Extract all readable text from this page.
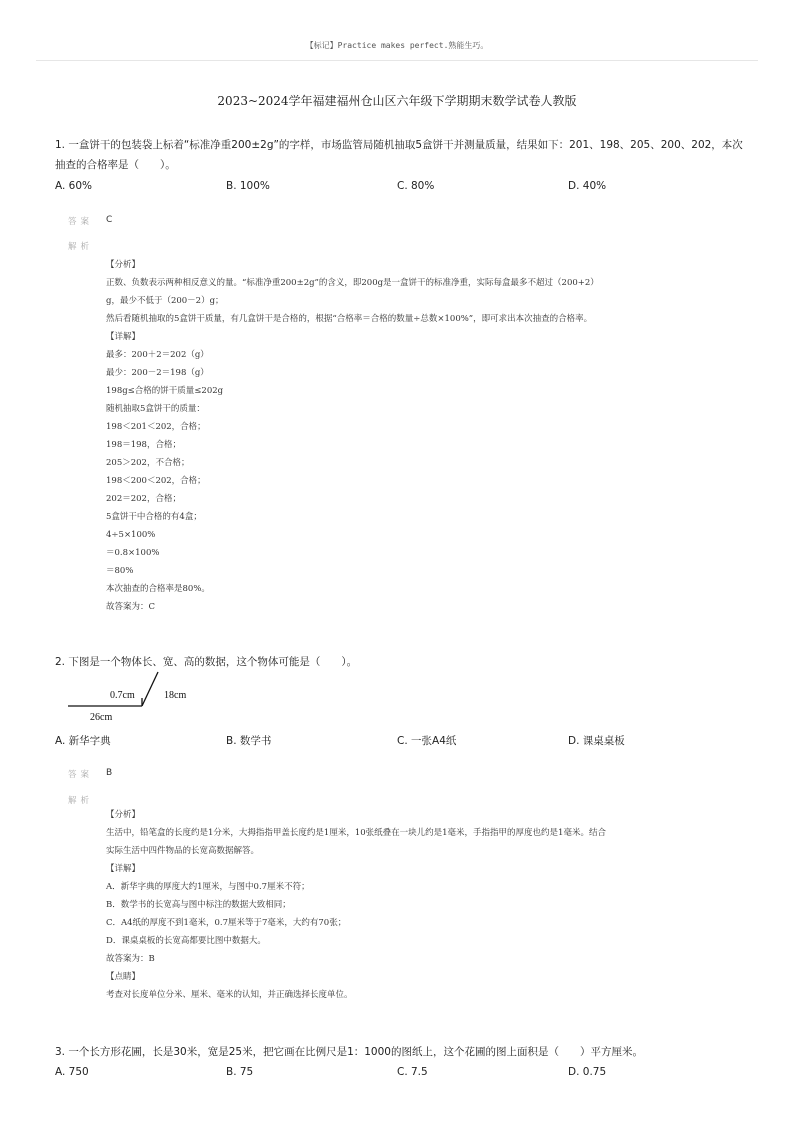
【标记】Practice makes perfect.熟能生巧。
2023~2024学年福建福州仓山区六年级下学期期末数学试卷人教版
1. 一盒饼干的包装袋上标着“标准净重200±2g”的字样，市场监管局随机抽取5盒饼干并测量质量，结果如下：201、198、205、200、202，本次
抽查的合格率是（　　）。
A. 60%	B. 100%	C. 80%	D. 40%
答案 C
解析
【分析】
正数、负数表示两种相反意义的量。“标准净重200±2g”的含义，即200g是一盒饼干的标准净重，实际每盒最多不超过（200+2）
g，最少不低于（200－2）g；
然后看随机抽取的5盒饼干质量，有几盒饼干是合格的，根据“合格率＝合格的数量÷总数×100%”，即可求出本次抽查的合格率。
【详解】
最多：200＋2＝202（g）
最少：200－2＝198（g）
198g≤合格的饼干质量≤202g
随机抽取5盒饼干的质量：
198＜201＜202，合格；
198＝198，合格；
205＞202，不合格；
198＜200＜202，合格；
202＝202，合格；
5盒饼干中合格的有4盒；
4÷5×100%
＝0.8×100%
＝80%
本次抽查的合格率是80%。
故答案为：C
2. 下图是一个物体长、宽、高的数据，这个物体可能是（　　）。
0.7cm	18cm
26cm
A. 新华字典	B. 数学书	C. 一张A4纸	D. 课桌桌板
答案 B
解析
【分析】
生活中，铅笔盒的长度约是1分米，大拇指指甲盖长度约是1厘米，10张纸叠在一块儿约是1毫米，手指指甲的厚度也约是1毫米。结合
实际生活中四件物品的长宽高数据解答。
【详解】
A．新华字典的厚度大约1厘米，与图中0.7厘米不符；
B．数学书的长宽高与图中标注的数据大致相同；
C．A4纸的厚度不到1毫米，0.7厘米等于7毫米，大约有70张；
D．课桌桌板的长宽高都要比图中数据大。
故答案为：B
【点睛】
考查对长度单位分米、厘米、毫米的认知，并正确选择长度单位。
3. 一个长方形花圃，长是30米，宽是25米，把它画在比例尺是1：1000的图纸上，这个花圃的图上面积是（　　）平方厘米。
A. 750	B. 75	C. 7.5	D. 0.75
